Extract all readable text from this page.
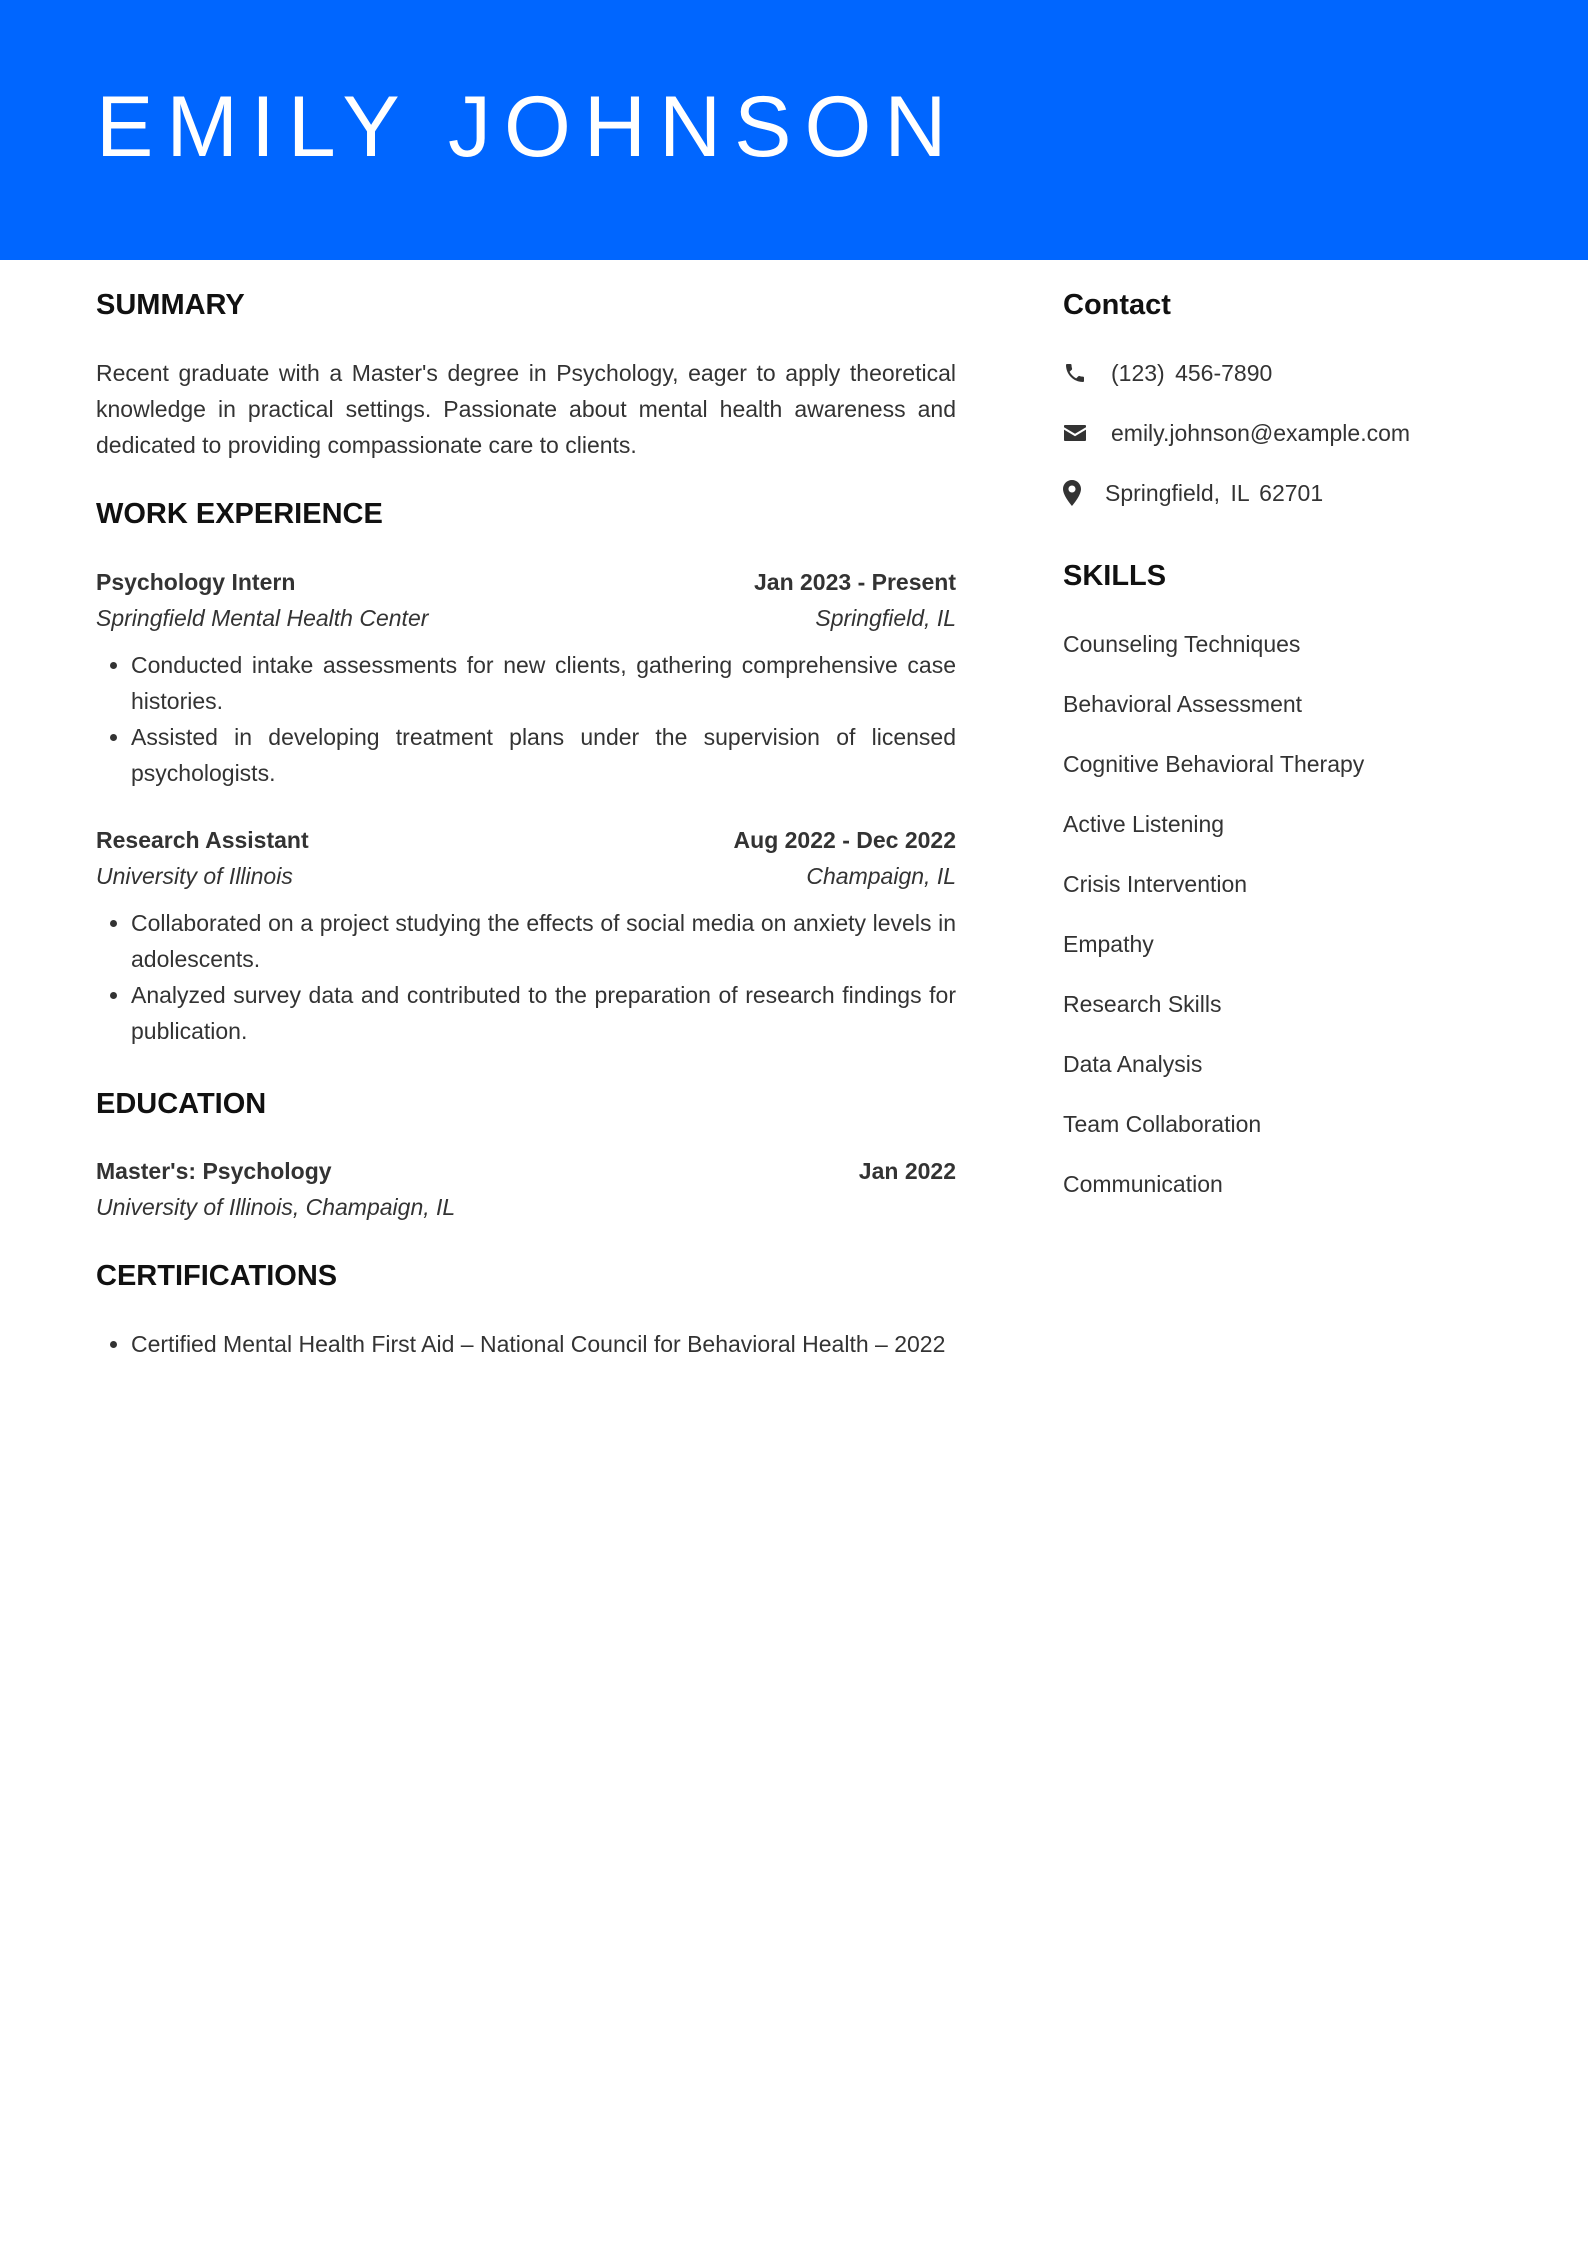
EMILY JOHNSON
SUMMARY

Recent graduate with a Master's degree in Psychology, eager to apply theoretical knowledge in practical settings. Passionate about mental health awareness and dedicated to providing compassionate care to clients.

WORK EXPERIENCE
Psychology Intern	Jan 2023 - Present
Springfield Mental Health Center	Springfield, IL
• Conducted intake assessments for new clients, gathering comprehensive case histories.
• Assisted in developing treatment plans under the supervision of licensed psychologists.
Research Assistant	Aug 2022 - Dec 2022
University of Illinois	Champaign, IL
• Collaborated on a project studying the effects of social media on anxiety levels in adolescents.
• Analyzed survey data and contributed to the preparation of research findings for publication.
EDUCATION
Master's: Psychology	Jan 2022
University of Illinois, Champaign, IL
CERTIFICATIONS
• Certified Mental Health First Aid – National Council for Behavioral Health – 2022
Contact
(123) 456-7890
emily.johnson@example.com
Springfield, IL 62701
SKILLS
Counseling Techniques
Behavioral Assessment
Cognitive Behavioral Therapy
Active Listening
Crisis Intervention
Empathy
Research Skills
Data Analysis
Team Collaboration
Communication
